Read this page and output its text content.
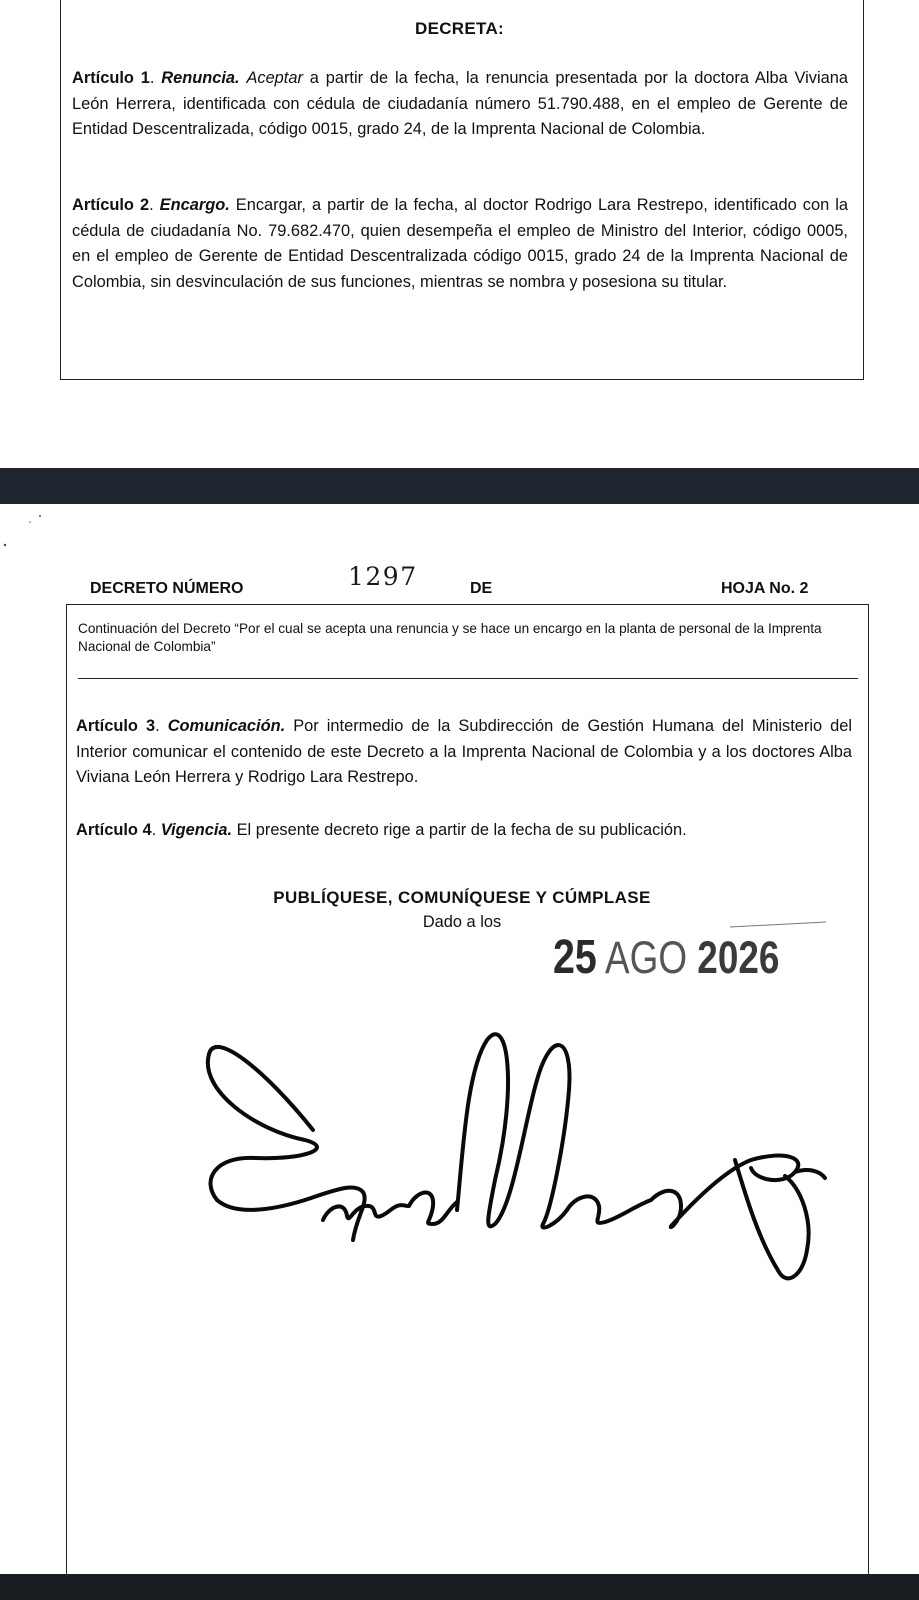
DECRETA:
Artículo 1. Renuncia. Aceptar a partir de la fecha, la renuncia presentada por la doctora Alba Viviana León Herrera, identificada con cédula de ciudadanía número 51.790.488, en el empleo de Gerente de Entidad Descentralizada, código 0015, grado 24, de la Imprenta Nacional de Colombia.
Artículo 2. Encargo. Encargar, a partir de la fecha, al doctor Rodrigo Lara Restrepo, identificado con la cédula de ciudadanía No. 79.682.470, quien desempeña el empleo de Ministro del Interior, código 0005, en el empleo de Gerente de Entidad Descentralizada código 0015, grado 24 de la Imprenta Nacional de Colombia, sin desvinculación de sus funciones, mientras se nombra y posesiona su titular.
DECRETO NÚMERO	1297	DE	HOJA No. 2
Continuación del Decreto “Por el cual se acepta una renuncia y se hace un encargo en la planta de personal de la Imprenta Nacional de Colombia”
Artículo 3. Comunicación. Por intermedio de la Subdirección de Gestión Humana del Ministerio del Interior comunicar el contenido de este Decreto a la Imprenta Nacional de Colombia y a los doctores Alba Viviana León Herrera y Rodrigo Lara Restrepo.
Artículo 4. Vigencia. El presente decreto rige a partir de la fecha de su publicación.
PUBLÍQUESE, COMUNÍQUESE Y CÚMPLASE
Dado a los
25 AGO 2026
